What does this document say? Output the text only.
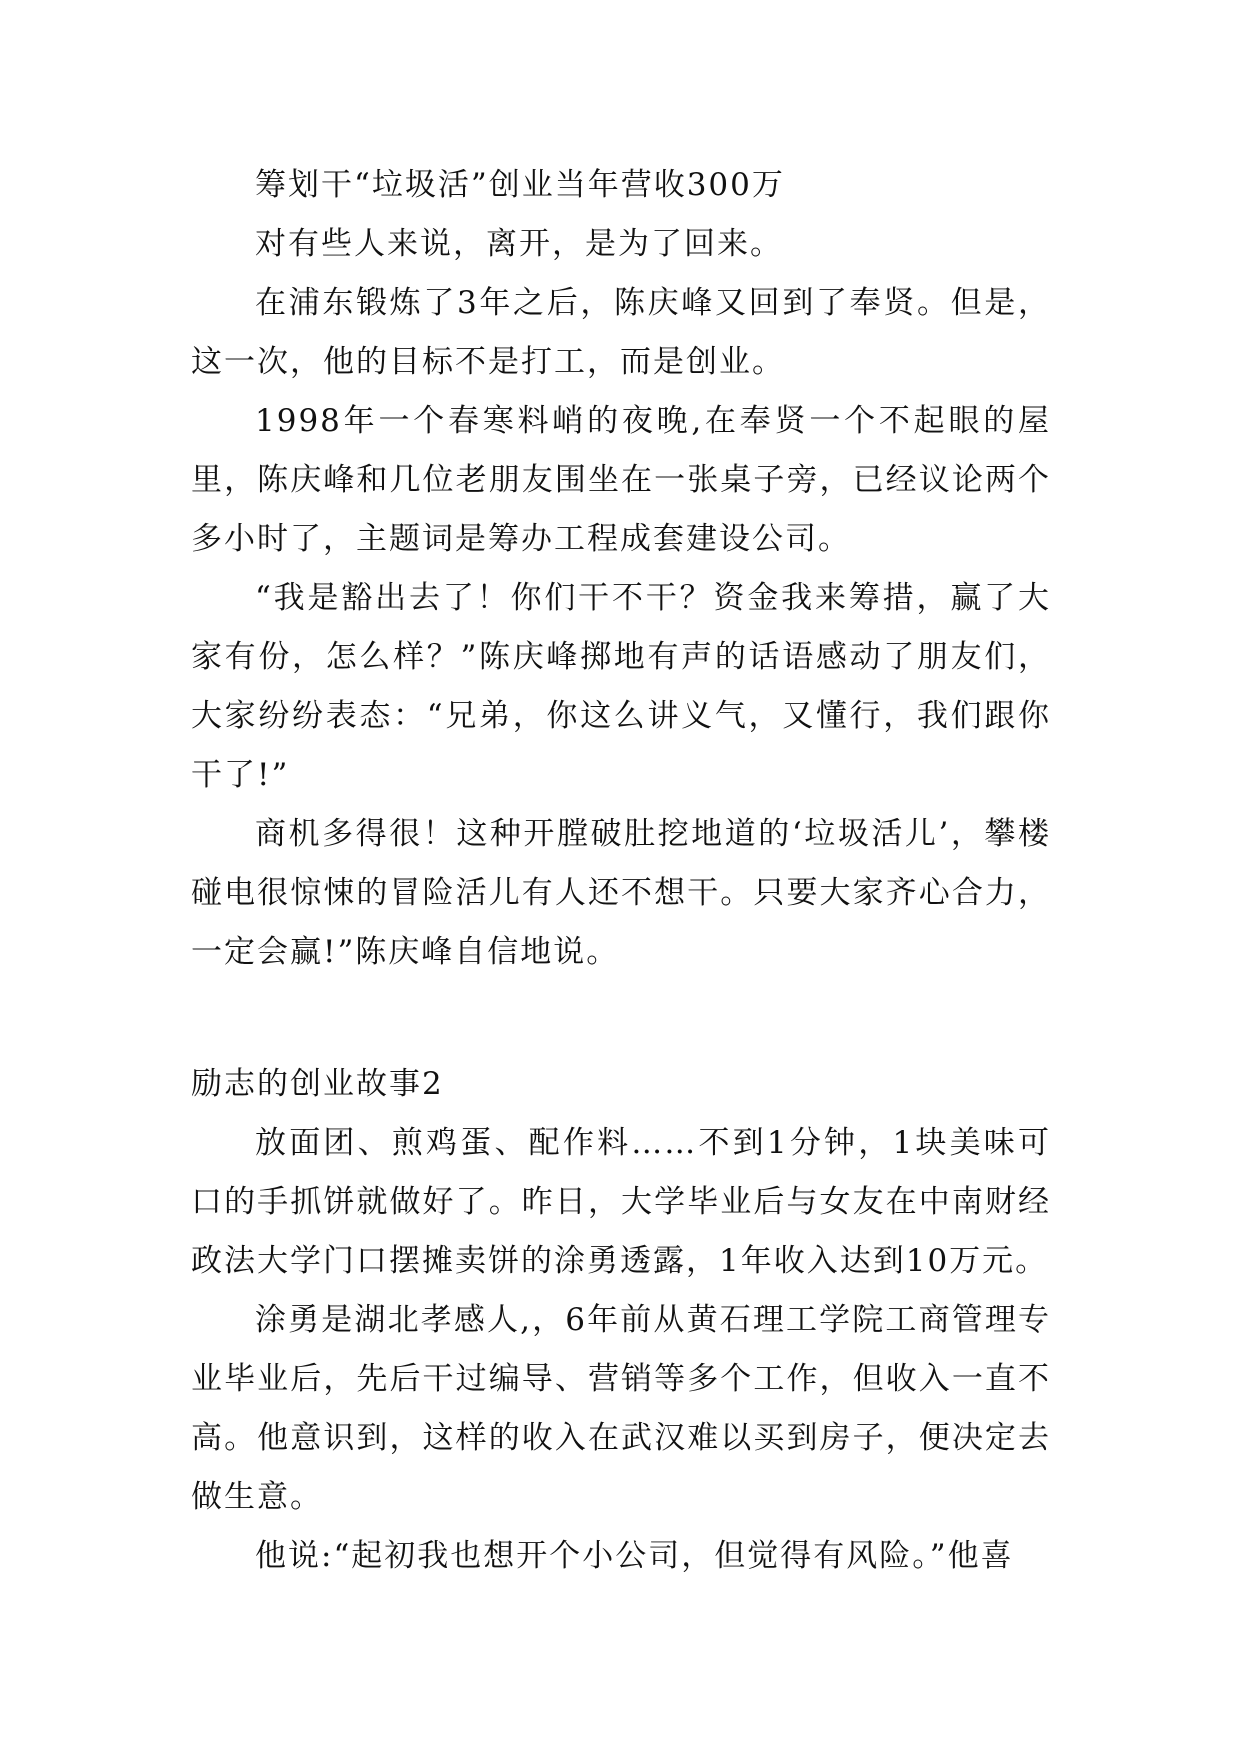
筹划干“垃圾活”创业当年营收300万

对有些人来说，离开，是为了回来。

在浦东锻炼了3年之后，陈庆峰又回到了奉贤。但是，这一次，他的目标不是打工，而是创业。

1998年一个春寒料峭的夜晚,在奉贤一个不起眼的屋里，陈庆峰和几位老朋友围坐在一张桌子旁，已经议论两个多小时了，主题词是筹办工程成套建设公司。

“我是豁出去了！你们干不干？资金我来筹措，赢了大家有份，怎么样？”陈庆峰掷地有声的话语感动了朋友们，大家纷纷表态：“兄弟，你这么讲义气，又懂行，我们跟你干了!”

商机多得很！这种开膛破肚挖地道的‘垃圾活儿’，攀楼碰电很惊悚的冒险活儿有人还不想干。只要大家齐心合力，一定会赢!”陈庆峰自信地说。

励志的创业故事2

放面团、煎鸡蛋、配作料……不到1分钟，1块美味可口的手抓饼就做好了。昨日，大学毕业后与女友在中南财经政法大学门口摆摊卖饼的涂勇透露，1年收入达到10万元。

涂勇是湖北孝感人,，6年前从黄石理工学院工商管理专业毕业后，先后干过编导、营销等多个工作，但收入一直不高。他意识到，这样的收入在武汉难以买到房子，便决定去做生意。

他说:“起初我也想开个小公司，但觉得有风险。”他喜
